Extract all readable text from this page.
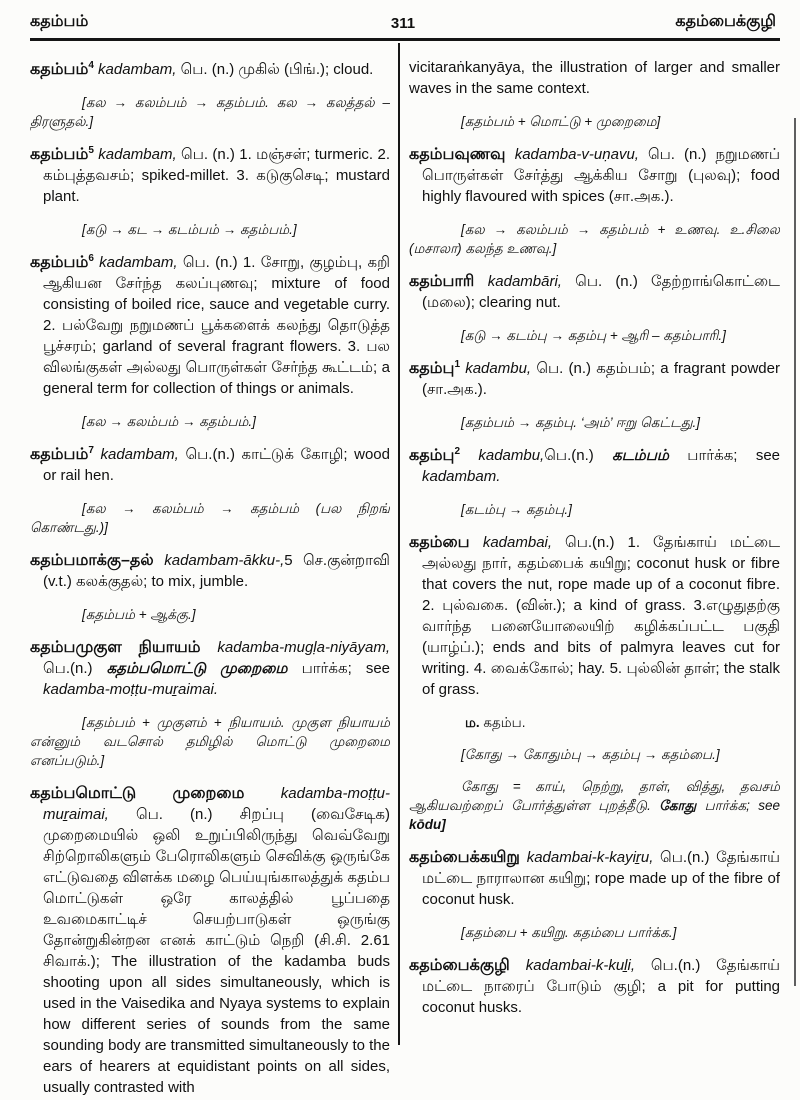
கதம்பம்	311	கதம்பைக்குழி

கதம்பம்$^4$ kadambam, பெ. (n.) முகில் (பிங்.); cloud.

[கல → கலம்பம் → கதம்பம். கல → கலத்தல் – திரளுதல்.]

கதம்பம்$^5$ kadambam, பெ. (n.) 1. மஞ்சள்; turmeric. 2. கம்புத்தவசம்; spiked-millet. 3. கடுகுசெடி; mustard plant.

[கடு → கட → கடம்பம் → கதம்பம்.]

கதம்பம்$^6$ kadambam, பெ. (n.) 1. சோறு, குழம்பு, கறி ஆகியன சேர்ந்த கலப்புணவு; mixture of food consisting of boiled rice, sauce and vegetable curry. 2. பல்வேறு நறுமணப் பூக்களைக் கலந்து தொடுத்த பூச்சரம்; garland of several fragrant flowers. 3. பல விலங்குகள் அல்லது பொருள்கள் சேர்ந்த கூட்டம்; a general term for collection of things or animals.

[கல → கலம்பம் → கதம்பம்.]

கதம்பம்$^7$ kadambam, பெ.(n.) காட்டுக் கோழி; wood or rail hen.

[கல → கலம்பம் → கதம்பம் (பல நிறங் கொண்டது.)]

கதம்பமாக்கு–தல் kadambam-ākku-,5 செ.குன்றாவி (v.t.) கலக்குதல்; to mix, jumble.

[கதம்பம் + ஆக்கு.]

கதம்பமுகுள நியாயம் kadamba-mugḷa-niyāyam, பெ.(n.) கதம்பமொட்டு முறைமை பார்க்க; see kadamba-moṭṭu-muṟaimai.

[கதம்பம் + முகுளம் + நியாயம். முகுள நியாயம் என்னும் வடசொல் தமிழில் மொட்டு முறைமை எனப்படும்.]

கதம்பமொட்டு முறைமை kadamba-moṭṭu-muṟaimai, பெ. (n.) சிறப்பு (வைசேடிக) முறைமையில் ஒலி உறுப்பிலிருந்து வெவ்வேறு சிற்றொலிகளும் பேரொலிகளும் செவிக்கு ஒருங்கே எட்டுவதை விளக்க மழை பெய்யுங்காலத்துக் கதம்ப மொட்டுகள் ஒரே காலத்தில் பூப்பதை உவமைகாட்டிச் செயற்பாடுகள் ஒருங்கு தோன்றுகின்றன எனக் காட்டும் நெறி (சி.சி. 2.61 சிவாக்.); The illustration of the kadamba buds shooting upon all sides simultaneously, which is used in the Vaisedika and Nyaya systems to explain how different series of sounds from the same sounding body are transmitted simultaneously to the ears of hearers at equidistant points on all sides, usually contrasted with

vicitaraṅkanyāya, the illustration of larger and smaller waves in the same context.

[கதம்பம் + மொட்டு + முறைமை]

கதம்பவுணவு kadamba-v-uṇavu, பெ. (n.) நறுமணப் பொருள்கள் சேர்த்து ஆக்கிய சோறு (புலவு); food highly flavoured with spices (சா.அக.).

[கல → கலம்பம் → கதம்பம் + உணவு. உ.சிலை (மசாலா) கலந்த உணவு.]

கதம்பாரி kadambāri, பெ. (n.) தேற்றாங்கொட்டை (மலை); clearing nut.

[கடு → கடம்பு → கதம்பு + ஆரி – கதம்பாரி.]

கதம்பு$^1$ kadambu, பெ. (n.) கதம்பம்; a fragrant powder (சா.அக.).

[கதம்பம் → கதம்பு. ‘அம்’ ஈறு கெட்டது.]

கதம்பு$^2$ kadambu,பெ.(n.) கடம்பம் பார்க்க; see kadambam.

[கடம்பு → கதம்பு.]

கதம்பை kadambai, பெ.(n.) 1. தேங்காய் மட்டை அல்லது நார், கதம்பைக் கயிறு; coconut husk or fibre that covers the nut, rope made up of a coconut fibre. 2. புல்வகை. (வின்.); a kind of grass. 3.எழுதுதற்கு வார்ந்த பனையோலையிற் கழிக்கப்பட்ட பகுதி (யாழ்ப்.); ends and bits of palmyra leaves cut for writing. 4. வைக்கோல்; hay. 5. புல்லின் தாள்; the stalk of grass.

ம. கதம்ப.

[கோது → கோதும்பு → கதம்பு → கதம்பை.]

கோது = காய், நெற்று, தாள், வித்து, தவசம் ஆகியவற்றைப் போர்த்துள்ள புறத்தீடு. கோது பார்க்க; see kōdu]

கதம்பைக்கயிறு kadambai-k-kayiṟu, பெ.(n.) தேங்காய் மட்டை நாராலான கயிறு; rope made up of the fibre of coconut husk.

[கதம்பை + கயிறு. கதம்பை பார்க்க.]

கதம்பைக்குழி kadambai-k-kuḻi, பெ.(n.) தேங்காய் மட்டை நாரைப் போடும் குழி; a pit for putting coconut husks.
